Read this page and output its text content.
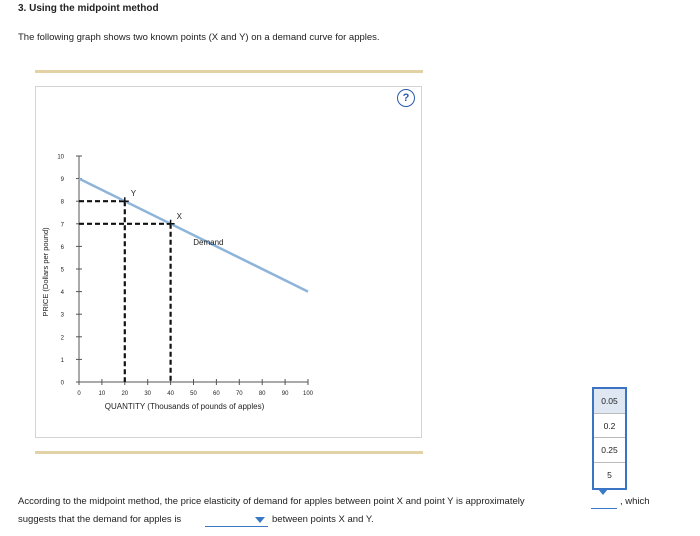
3. Using the midpoint method
The following graph shows two known points (X and Y) on a demand curve for apples.
?
0
1
2
3
4
5
6
7
8
9
10
0	10	20	30	40	50	60	70	80	90 100
Demand
Y
X
QUANTITY (Thousands of pounds of apples)
PRICE (Dollars per pound)
0.05
0.2
0.25
5
According to the midpoint method, the price elasticity of demand for apples between point X and point Y is approximately	, which
suggests that the demand for apples is	between points X and Y.
